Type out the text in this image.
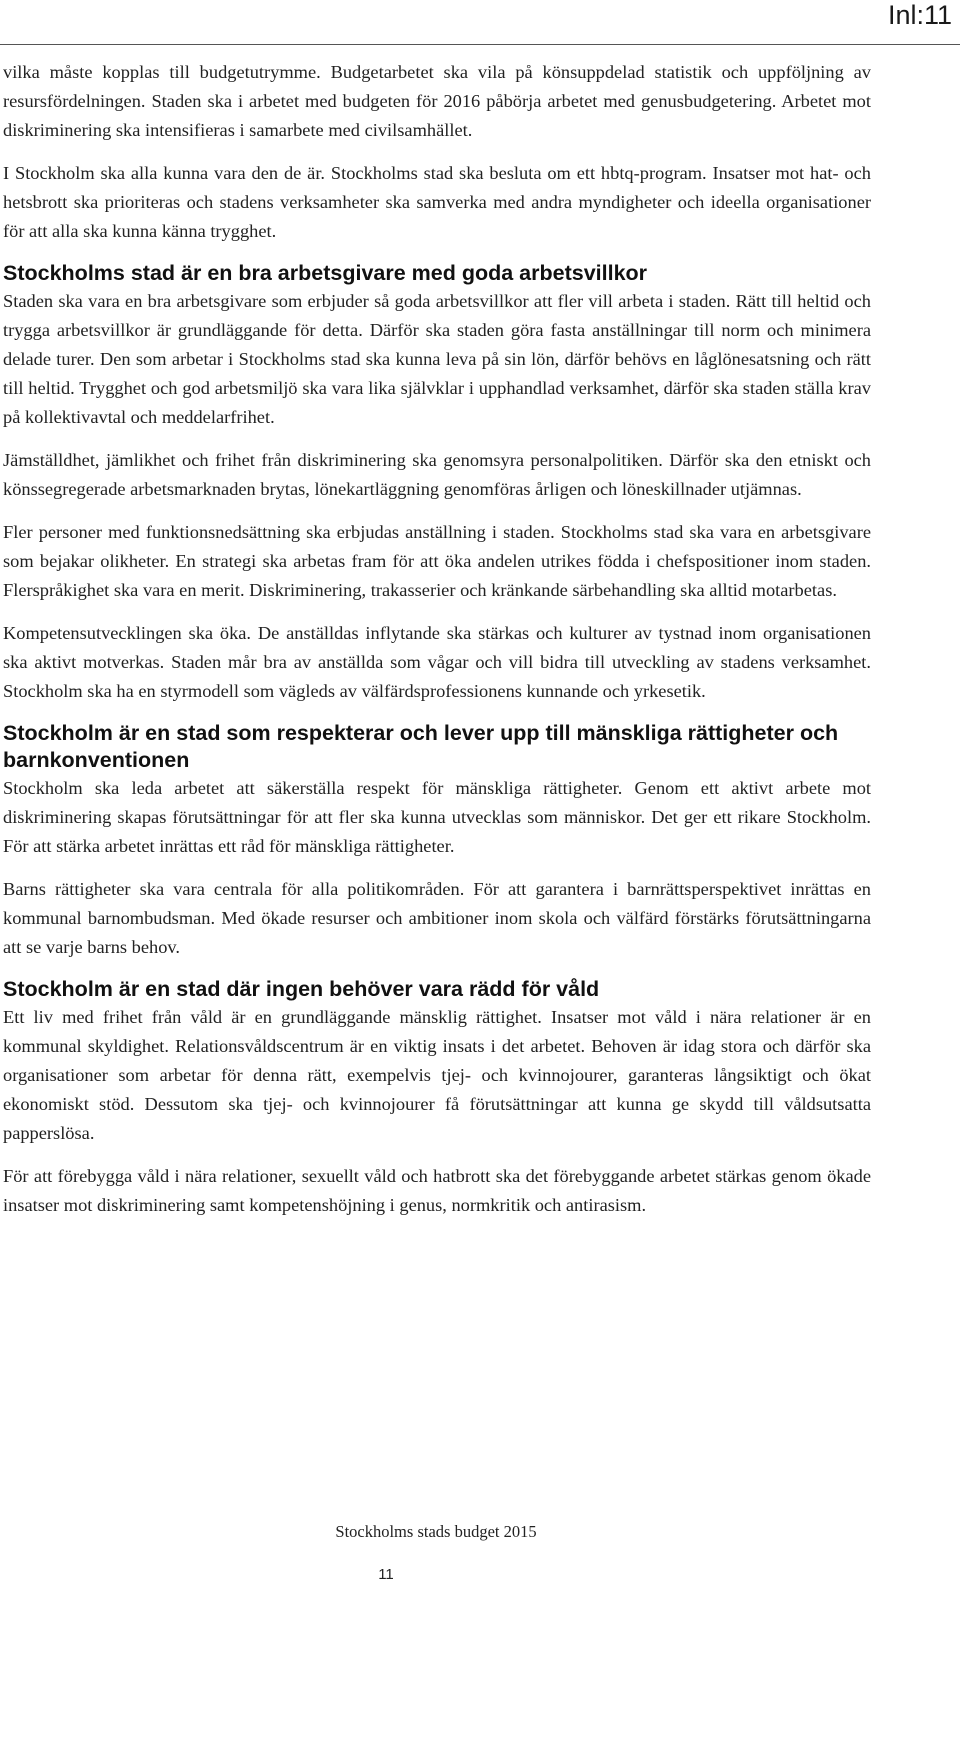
Inl:11

vilka måste kopplas till budgetutrymme. Budgetarbetet ska vila på könsuppdelad statistik och uppföljning av resursfördelningen. Staden ska i arbetet med budgeten för 2016 påbörja arbetet med genusbudgetering. Arbetet mot diskriminering ska intensifieras i samarbete med civilsamhället.

I Stockholm ska alla kunna vara den de är. Stockholms stad ska besluta om ett hbtq-program. Insatser mot hat- och hetsbrott ska prioriteras och stadens verksamheter ska samverka med andra myndigheter och ideella organisationer för att alla ska kunna känna trygghet.

Stockholms stad är en bra arbetsgivare med goda arbetsvillkor

Staden ska vara en bra arbetsgivare som erbjuder så goda arbetsvillkor att fler vill arbeta i staden. Rätt till heltid och trygga arbetsvillkor är grundläggande för detta. Därför ska staden göra fasta anställningar till norm och minimera delade turer. Den som arbetar i Stockholms stad ska kunna leva på sin lön, därför behövs en låglönesatsning och rätt till heltid. Trygghet och god arbetsmiljö ska vara lika självklar i upphandlad verksamhet, därför ska staden ställa krav på kollektivavtal och meddelarfrihet.

Jämställdhet, jämlikhet och frihet från diskriminering ska genomsyra personalpolitiken. Därför ska den etniskt och könssegregerade arbetsmarknaden brytas, lönekartläggning genomföras årligen och löneskillnader utjämnas.

Fler personer med funktionsnedsättning ska erbjudas anställning i staden. Stockholms stad ska vara en arbetsgivare som bejakar olikheter. En strategi ska arbetas fram för att öka andelen utrikes födda i chefspositioner inom staden. Flerspråkighet ska vara en merit. Diskriminering, trakasserier och kränkande särbehandling ska alltid motarbetas.

Kompetensutvecklingen ska öka. De anställdas inflytande ska stärkas och kulturer av tystnad inom organisationen ska aktivt motverkas. Staden mår bra av anställda som vågar och vill bidra till utveckling av stadens verksamhet. Stockholm ska ha en styrmodell som vägleds av välfärdsprofessionens kunnande och yrkesetik.

Stockholm är en stad som respekterar och lever upp till mänskliga rättigheter och barnkonventionen

Stockholm ska leda arbetet att säkerställa respekt för mänskliga rättigheter. Genom ett aktivt arbete mot diskriminering skapas förutsättningar för att fler ska kunna utvecklas som människor. Det ger ett rikare Stockholm. För att stärka arbetet inrättas ett råd för mänskliga rättigheter.

Barns rättigheter ska vara centrala för alla politikområden. För att garantera i barnrättsperspektivet inrättas en kommunal barnombudsman. Med ökade resurser och ambitioner inom skola och välfärd förstärks förutsättningarna att se varje barns behov.

Stockholm är en stad där ingen behöver vara rädd för våld

Ett liv med frihet från våld är en grundläggande mänsklig rättighet. Insatser mot våld i nära relationer är en kommunal skyldighet. Relationsvåldscentrum är en viktig insats i det arbetet. Behoven är idag stora och därför ska organisationer som arbetar för denna rätt, exempelvis tjej- och kvinnojourer, garanteras långsiktigt och ökat ekonomiskt stöd. Dessutom ska tjej- och kvinnojourer få förutsättningar att kunna ge skydd till våldsutsatta papperslösa.

För att förebygga våld i nära relationer, sexuellt våld och hatbrott ska det förebyggande arbetet stärkas genom ökade insatser mot diskriminering samt kompetenshöjning i genus, normkritik och antirasism.

Stockholms stads budget 2015
11
